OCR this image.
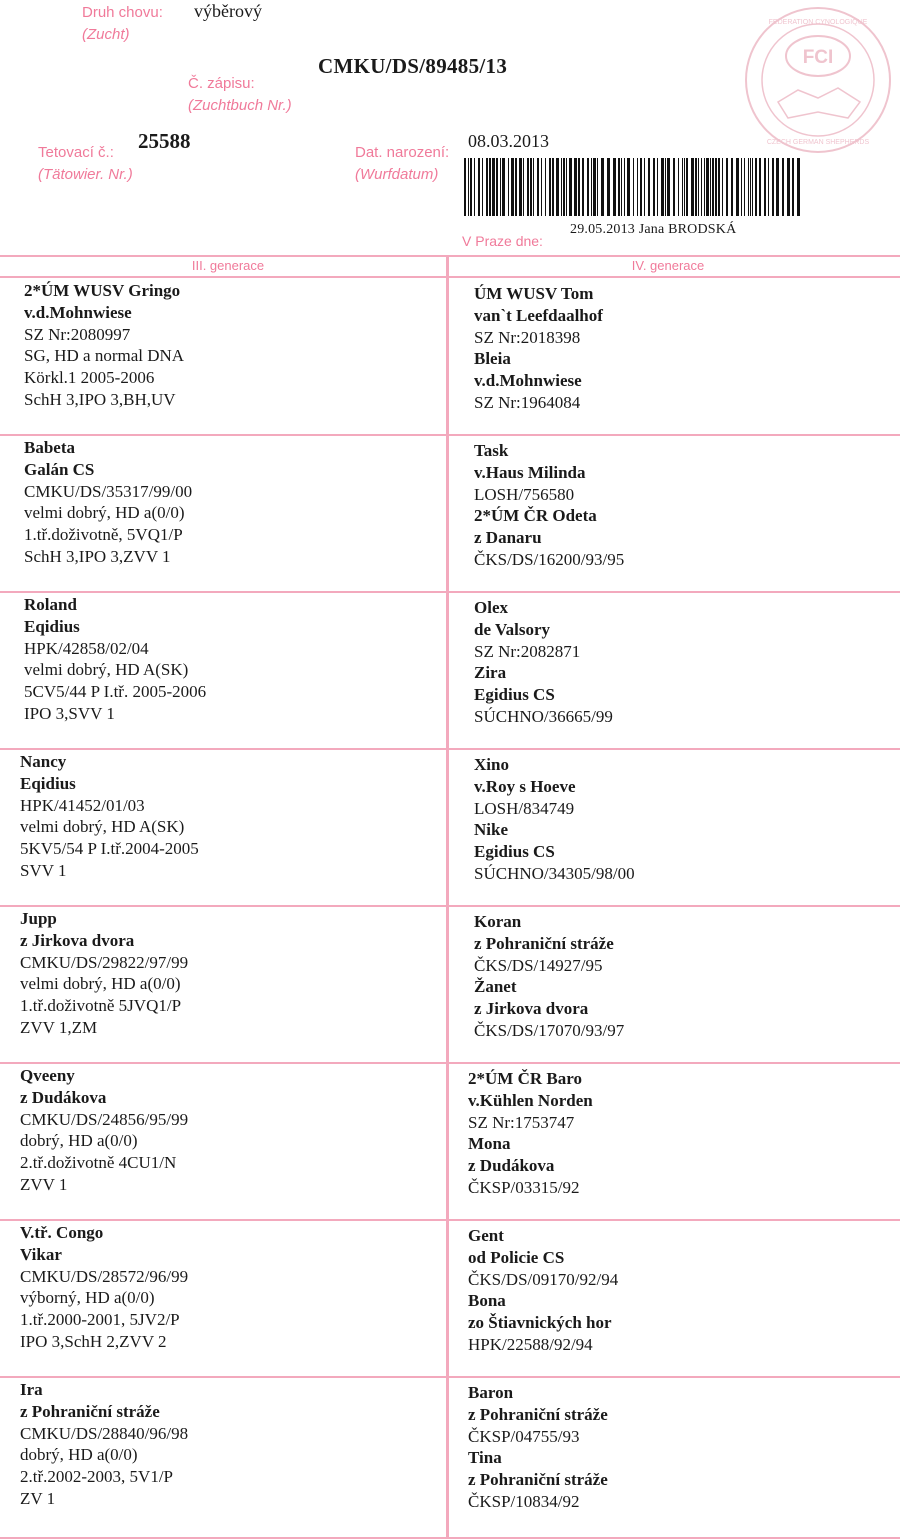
Druh chovu:
(Zucht)
výběrový
CMKU/DS/89485/13
Č. zápisu:
(Zuchtbuch Nr.)
Tetovací č.:
(Tätowier. Nr.)
25588	Dat. narození:
(Wurfdatum)
08.03.2013
29.05.2013 Jana BRODSKÁ
V Praze dne:
FCI
FEDERATION CYNOLOGIQUE
CZECH GERMAN SHEPHERDS
III. generace	IV. generace
2*ÚM WUSV Gringo
v.d.Mohnwiese
SZ Nr:2080997
SG, HD a normal DNA
Körkl.1 2005-2006
SchH 3,IPO 3,BH,UV
ÚM WUSV Tom
van`t Leefdaalhof
SZ Nr:2018398
Bleia
v.d.Mohnwiese
SZ Nr:1964084
Babeta
Galán CS
CMKU/DS/35317/99/00
velmi dobrý, HD a(0/0)
1.tř.doživotně, 5VQ1/P
SchH 3,IPO 3,ZVV 1
Task
v.Haus Milinda
LOSH/756580
2*ÚM ČR Odeta
z Danaru
ČKS/DS/16200/93/95
Roland
Eqidius
HPK/42858/02/04
velmi dobrý, HD A(SK)
5CV5/44 P I.tř. 2005-2006
IPO 3,SVV 1
Olex
de Valsory
SZ Nr:2082871
Zira
Egidius CS
SÚCHNO/36665/99
Nancy
Eqidius
HPK/41452/01/03
velmi dobrý, HD A(SK)
5KV5/54 P I.tř.2004-2005
SVV 1
Xino
v.Roy s Hoeve
LOSH/834749
Nike
Egidius CS
SÚCHNO/34305/98/00
Jupp
z Jirkova dvora
CMKU/DS/29822/97/99
velmi dobrý, HD a(0/0)
1.tř.doživotně 5JVQ1/P
ZVV 1,ZM
Koran
z Pohraniční stráže
ČKS/DS/14927/95
Žanet
z Jirkova dvora
ČKS/DS/17070/93/97
Qveeny
z Dudákova
CMKU/DS/24856/95/99
dobrý, HD a(0/0)
2.tř.doživotně 4CU1/N
ZVV 1
2*ÚM ČR Baro
v.Kühlen Norden
SZ Nr:1753747
Mona
z Dudákova
ČKSP/03315/92
V.tř. Congo
Vikar
CMKU/DS/28572/96/99
výborný, HD a(0/0)
1.tř.2000-2001, 5JV2/P
IPO 3,SchH 2,ZVV 2
Gent
od Policie CS
ČKS/DS/09170/92/94
Bona
zo Štiavnických hor
HPK/22588/92/94
Ira
z Pohraniční stráže
CMKU/DS/28840/96/98
dobrý, HD a(0/0)
2.tř.2002-2003, 5V1/P
ZV 1
Baron
z Pohraniční stráže
ČKSP/04755/93
Tina
z Pohraniční stráže
ČKSP/10834/92
